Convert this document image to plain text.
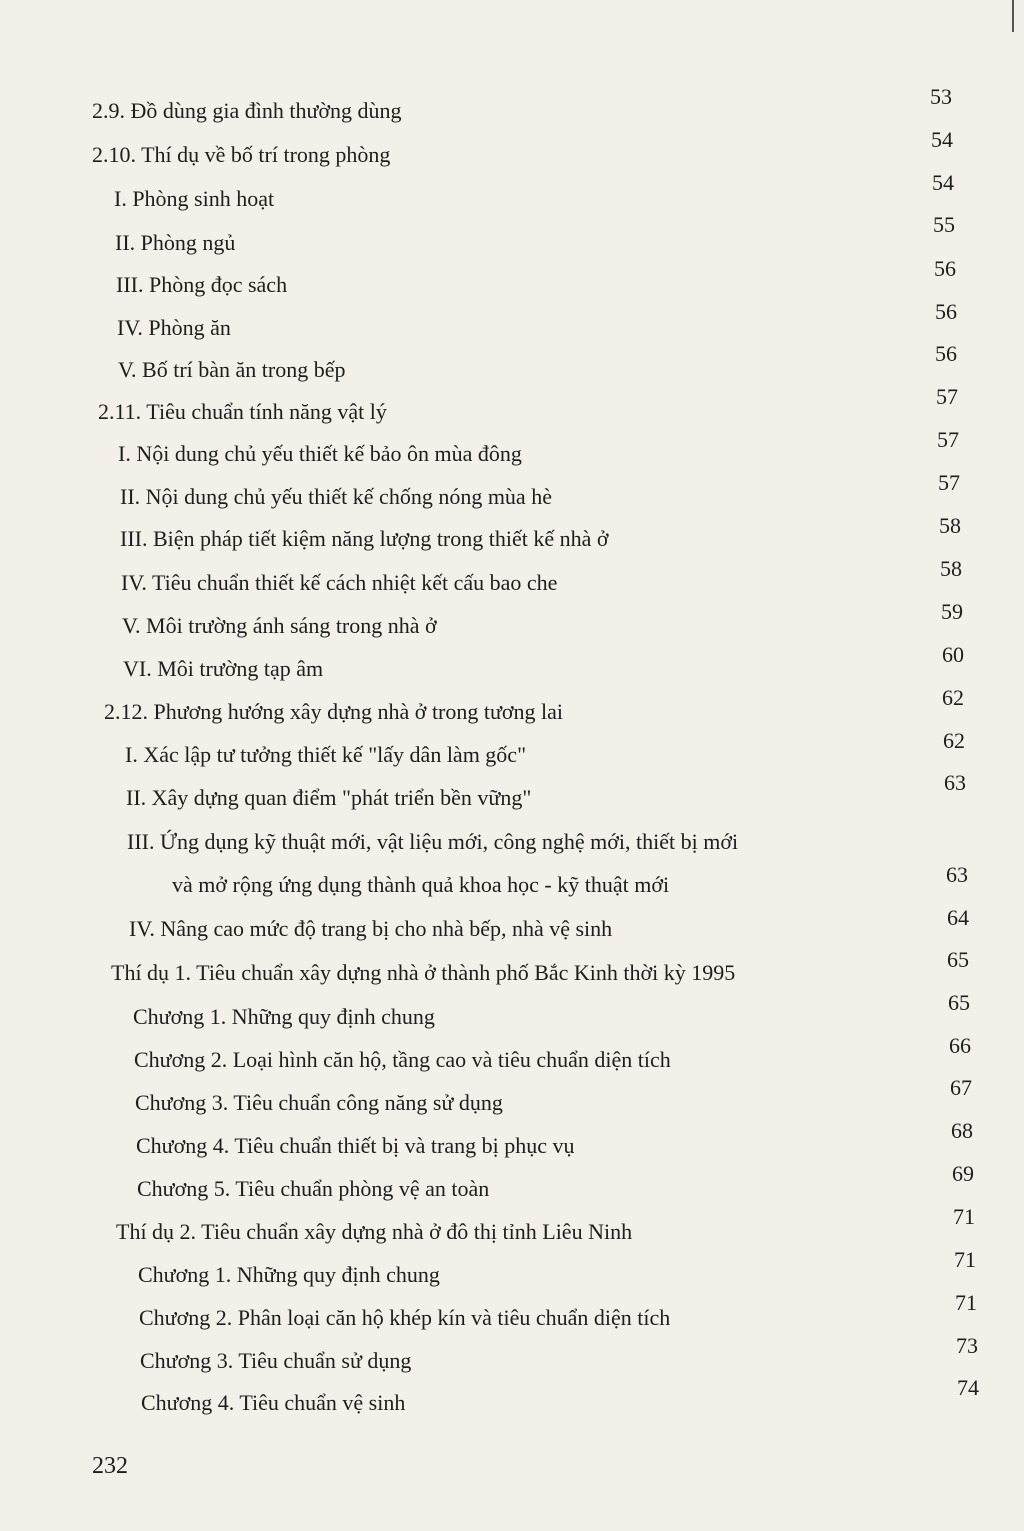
2.9. Đồ dùng gia đình thường dùng
53
2.10. Thí dụ về bố trí trong phòng
54
I. Phòng sinh hoạt
54
II. Phòng ngủ
55
III. Phòng đọc sách
56
IV. Phòng ăn
56
V. Bố trí bàn ăn trong bếp
56
2.11. Tiêu chuẩn tính năng vật lý
57
I. Nội dung chủ yếu thiết kế bảo ôn mùa đông
57
II. Nội dung chủ yếu thiết kế chống nóng mùa hè
57
III. Biện pháp tiết kiệm năng lượng trong thiết kế nhà ở
58
IV. Tiêu chuẩn thiết kế cách nhiệt kết cấu bao che
58
V. Môi trường ánh sáng trong nhà ở
59
VI. Môi trường tạp âm
60
2.12. Phương hướng xây dựng nhà ở trong tương lai
62
I. Xác lập tư tưởng thiết kế "lấy dân làm gốc"
62
II. Xây dựng quan điểm "phát triển bền vững"
63
III. Ứng dụng kỹ thuật mới, vật liệu mới, công nghệ mới, thiết bị mới
và mở rộng ứng dụng thành quả khoa học - kỹ thuật mới	63
IV. Nâng cao mức độ trang bị cho nhà bếp, nhà vệ sinh	64
Thí dụ 1. Tiêu chuẩn xây dựng nhà ở thành phố Bắc Kinh thời kỳ 1995
65
Chương 1. Những quy định chung
65
Chương 2. Loại hình căn hộ, tầng cao và tiêu chuẩn diện tích
66
Chương 3. Tiêu chuẩn công năng sử dụng
67
Chương 4. Tiêu chuẩn thiết bị và trang bị phục vụ
68
Chương 5. Tiêu chuẩn phòng vệ an toàn
69
Thí dụ 2. Tiêu chuẩn xây dựng nhà ở đô thị tỉnh Liêu Ninh
71
Chương 1. Những quy định chung
71
Chương 2. Phân loại căn hộ khép kín và tiêu chuẩn diện tích
71
Chương 3. Tiêu chuẩn sử dụng
73
Chương 4. Tiêu chuẩn vệ sinh
74
232
